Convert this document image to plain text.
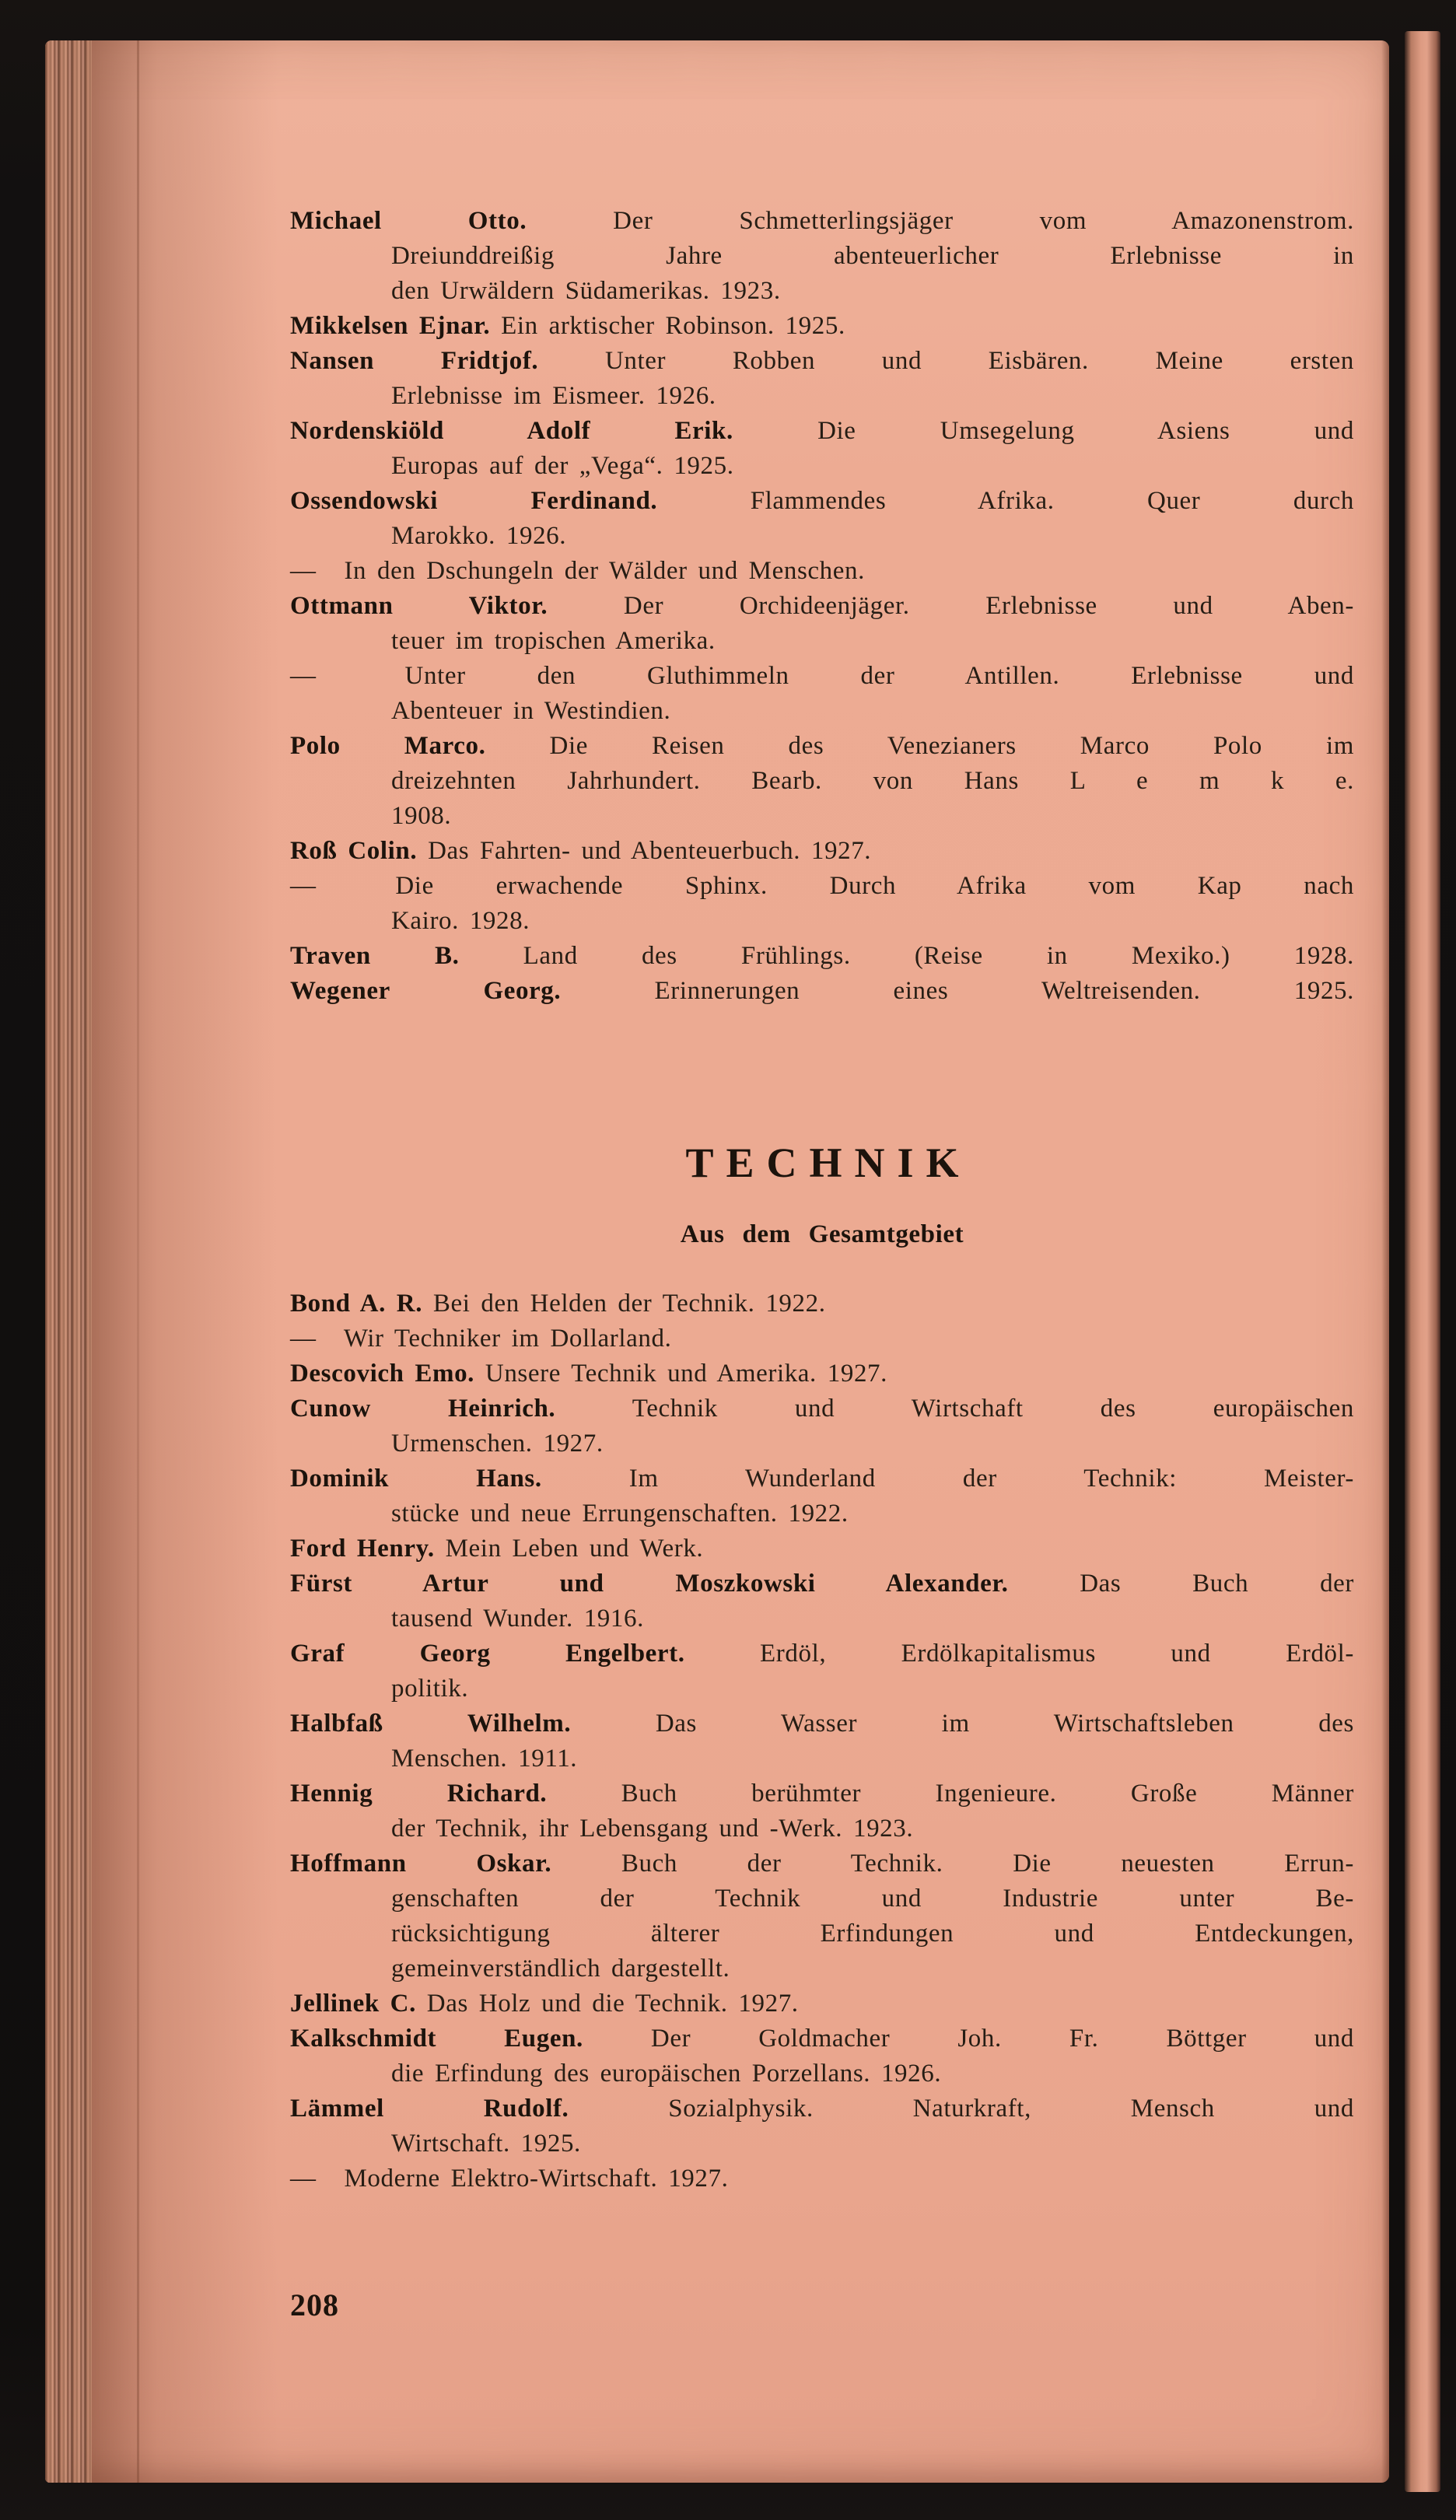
Michael Otto. Der Schmetterlingsjäger vom Amazonenstrom.
Dreiunddreißig Jahre abenteuerlicher Erlebnisse in
den Urwäldern Südamerikas. 1923.
Mikkelsen Ejnar. Ein arktischer Robinson. 1925.
Nansen Fridtjof. Unter Robben und Eisbären. Meine ersten
Erlebnisse im Eismeer. 1926.
Nordenskiöld Adolf Erik. Die Umsegelung Asiens und
Europas auf der „Vega“. 1925.
Ossendowski Ferdinand. Flammendes Afrika. Quer durch
Marokko. 1926.
— In den Dschungeln der Wälder und Menschen.
Ottmann Viktor. Der Orchideenjäger. Erlebnisse und Aben-
teuer im tropischen Amerika.
— Unter den Gluthimmeln der Antillen. Erlebnisse und
Abenteuer in Westindien.
Polo Marco. Die Reisen des Venezianers Marco Polo im
dreizehnten Jahrhundert. Bearb. von Hans L e m k e.
1908.
Roß Colin. Das Fahrten- und Abenteuerbuch. 1927.
— Die erwachende Sphinx. Durch Afrika vom Kap nach
Kairo. 1928.
Traven B. Land des Frühlings. (Reise in Mexiko.) 1928.
Wegener Georg. Erinnerungen eines Weltreisenden. 1925.
TECHNIK
Aus dem Gesamtgebiet
Bond A. R. Bei den Helden der Technik. 1922.
— Wir Techniker im Dollarland.
Descovich Emo. Unsere Technik und Amerika. 1927.
Cunow Heinrich. Technik und Wirtschaft des europäischen
Urmenschen. 1927.
Dominik Hans. Im Wunderland der Technik: Meister-
stücke und neue Errungenschaften. 1922.
Ford Henry. Mein Leben und Werk.
Fürst Artur und Moszkowski Alexander. Das Buch der
tausend Wunder. 1916.
Graf Georg Engelbert. Erdöl, Erdölkapitalismus und Erdöl-
politik.
Halbfaß Wilhelm. Das Wasser im Wirtschaftsleben des
Menschen. 1911.
Hennig Richard. Buch berühmter Ingenieure. Große Männer
der Technik, ihr Lebensgang und -Werk. 1923.
Hoffmann Oskar. Buch der Technik. Die neuesten Errun-
genschaften der Technik und Industrie unter Be-
rücksichtigung älterer Erfindungen und Entdeckungen,
gemeinverständlich dargestellt.
Jellinek C. Das Holz und die Technik. 1927.
Kalkschmidt Eugen. Der Goldmacher Joh. Fr. Böttger und
die Erfindung des europäischen Porzellans. 1926.
Lämmel Rudolf. Sozialphysik. Naturkraft, Mensch und
Wirtschaft. 1925.
— Moderne Elektro-Wirtschaft. 1927.
208
